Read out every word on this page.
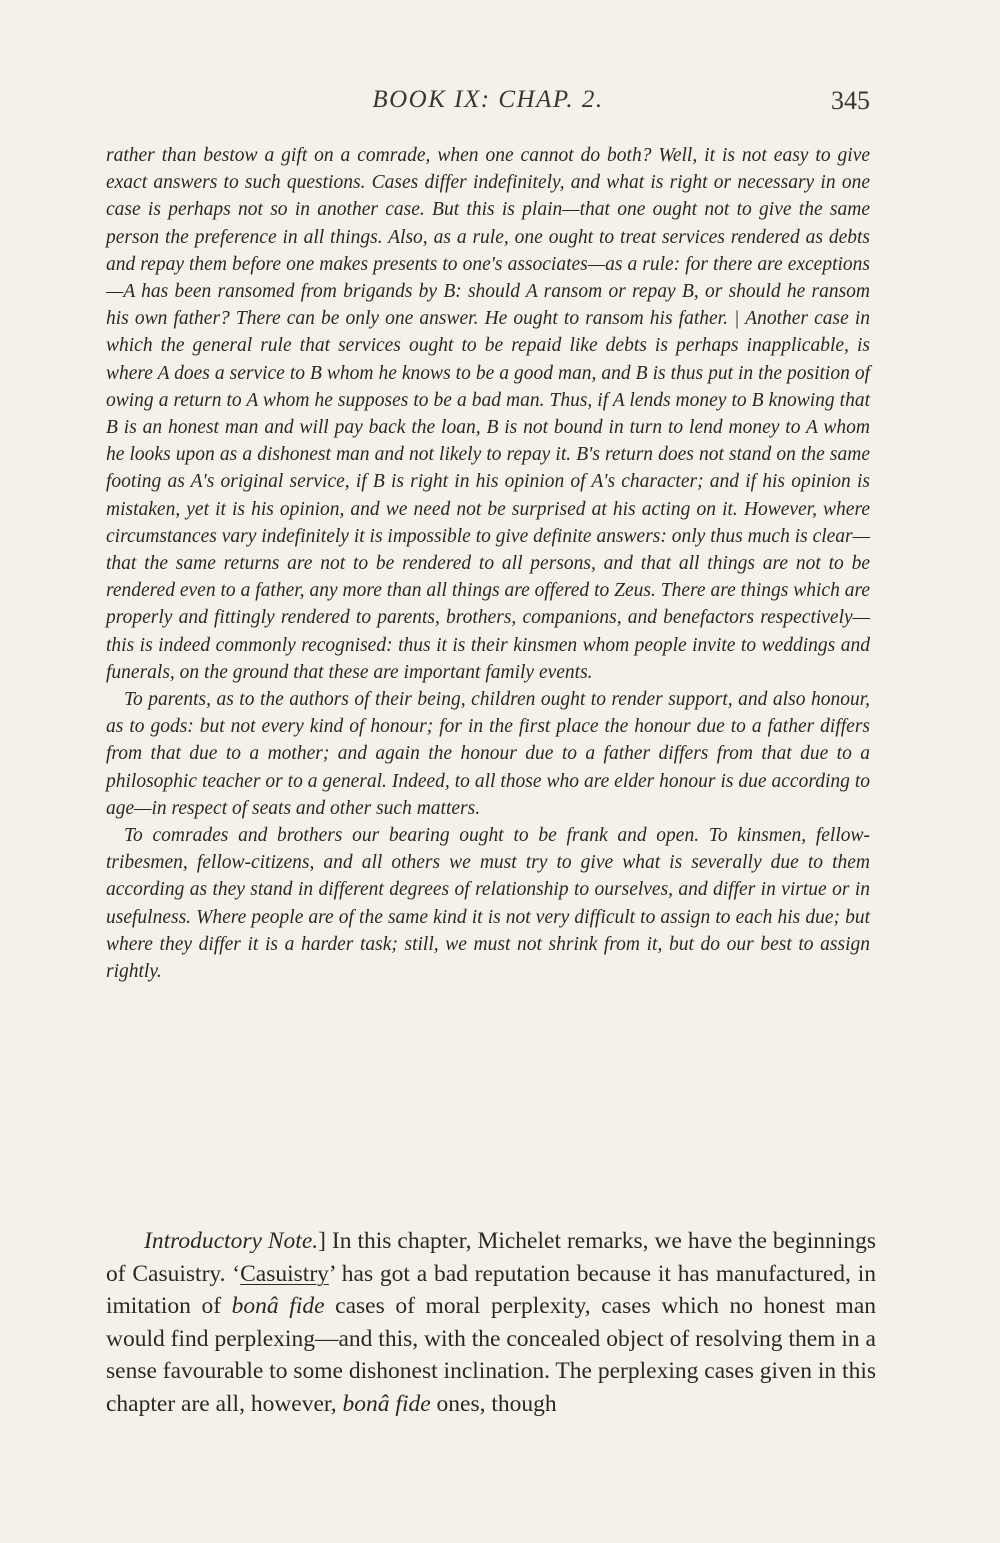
BOOK IX: CHAP. 2.	345

rather than bestow a gift on a comrade, when one cannot do both? Well, it is not easy to give exact answers to such questions. Cases differ indefinitely, and what is right or necessary in one case is perhaps not so in another case. But this is plain—that one ought not to give the same person the preference in all things. Also, as a rule, one ought to treat services rendered as debts and repay them before one makes presents to one's associates—as a rule: for there are exceptions—A has been ransomed from brigands by B: should A ransom or repay B, or should he ransom his own father? There can be only one answer. He ought to ransom his father. | Another case in which the general rule that services ought to be repaid like debts is perhaps inapplicable, is where A does a service to B whom he knows to be a good man, and B is thus put in the position of owing a return to A whom he supposes to be a bad man. Thus, if A lends money to B knowing that B is an honest man and will pay back the loan, B is not bound in turn to lend money to A whom he looks upon as a dishonest man and not likely to repay it. B's return does not stand on the same footing as A's original service, if B is right in his opinion of A's character; and if his opinion is mistaken, yet it is his opinion, and we need not be surprised at his acting on it. However, where circumstances vary indefinitely it is impossible to give definite answers: only thus much is clear—that the same returns are not to be rendered to all persons, and that all things are not to be rendered even to a father, any more than all things are offered to Zeus. There are things which are properly and fittingly rendered to parents, brothers, companions, and benefactors respectively—this is indeed commonly recognised: thus it is their kinsmen whom people invite to weddings and funerals, on the ground that these are important family events.

To parents, as to the authors of their being, children ought to render support, and also honour, as to gods: but not every kind of honour; for in the first place the honour due to a father differs from that due to a mother; and again the honour due to a father differs from that due to a philosophic teacher or to a general. Indeed, to all those who are elder honour is due according to age—in respect of seats and other such matters.

To comrades and brothers our bearing ought to be frank and open. To kinsmen, fellow-tribesmen, fellow-citizens, and all others we must try to give what is severally due to them according as they stand in different degrees of relationship to ourselves, and differ in virtue or in usefulness. Where people are of the same kind it is not very difficult to assign to each his due; but where they differ it is a harder task; still, we must not shrink from it, but do our best to assign rightly.

Introductory Note.] In this chapter, Michelet remarks, we have the beginnings of Casuistry. ‘Casuistry’ has got a bad reputation because it has manufactured, in imitation of bonâ fide cases of moral perplexity, cases which no honest man would find perplexing—and this, with the concealed object of resolving them in a sense favourable to some dishonest inclination. The perplexing cases given in this chapter are all, however, bonâ fide ones, though
